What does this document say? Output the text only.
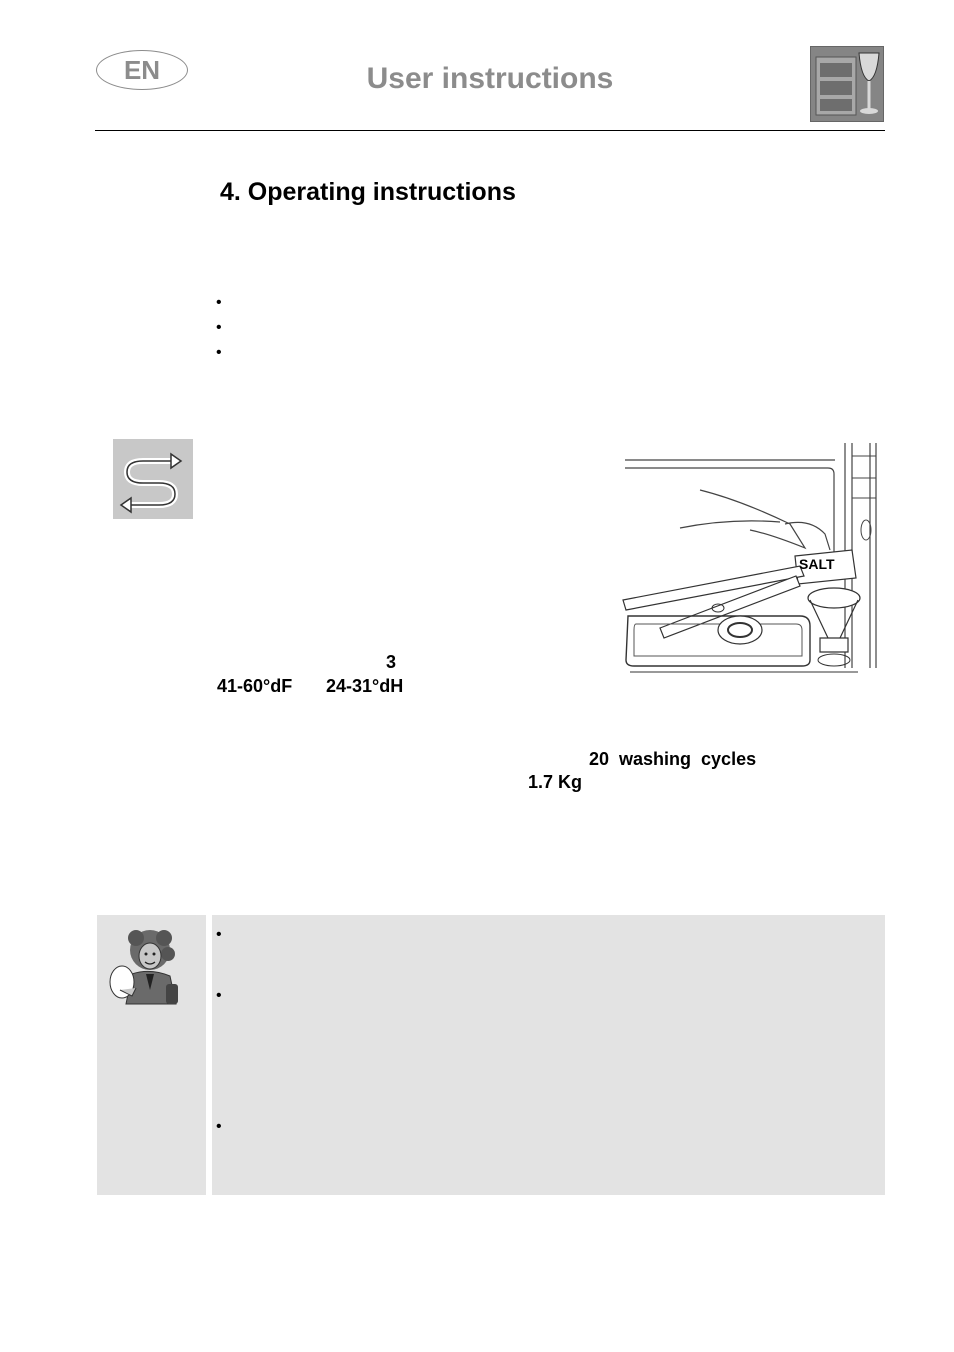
EN	User instructions
4. Operating instructions
•
•
•
SALT
3
41-60°dF 24-31°dH
20  washing  cycles
1.7 Kg
•
•
•
